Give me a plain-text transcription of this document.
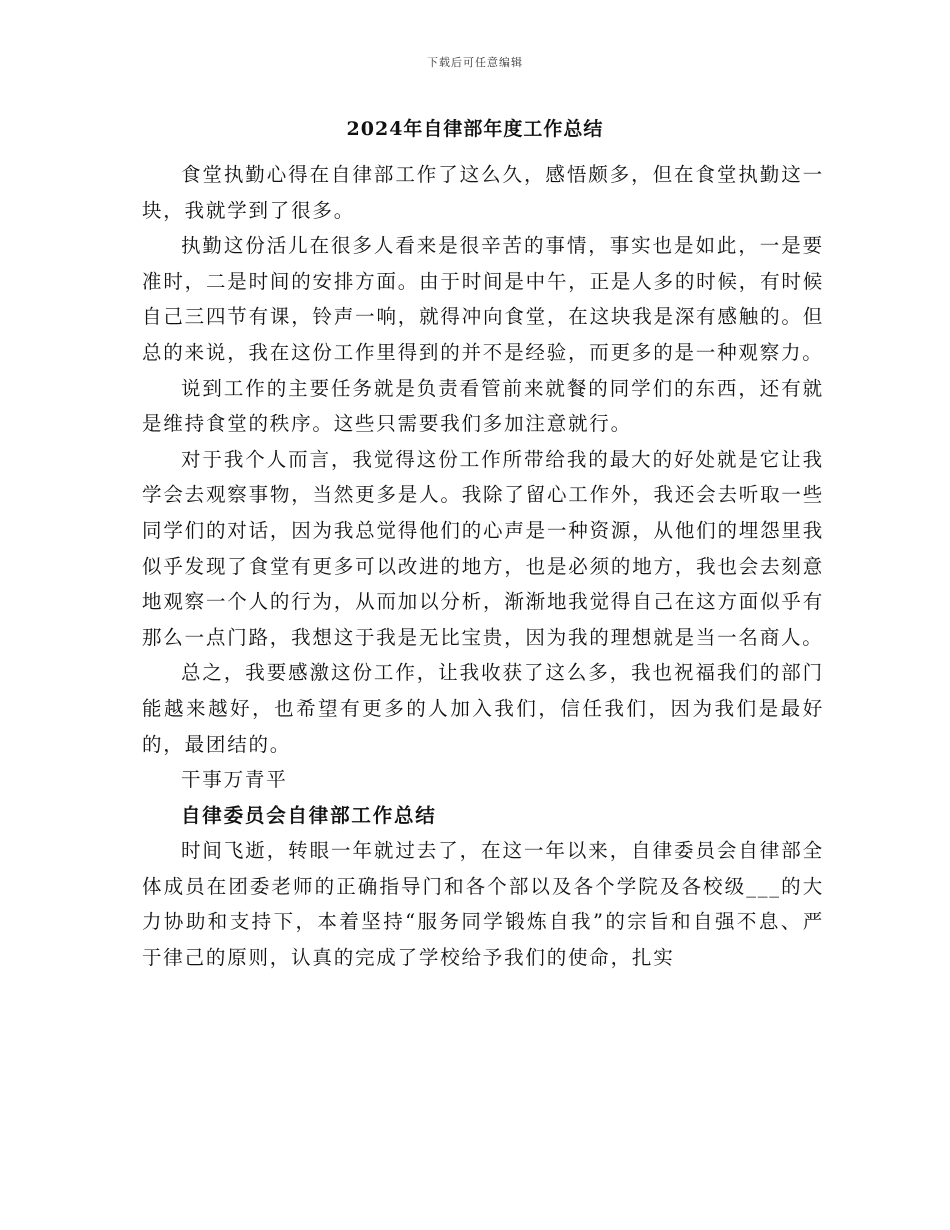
下载后可任意编辑
2024年自律部年度工作总结

食堂执勤心得在自律部工作了这么久，感悟颇多，但在食堂执勤这一块，我就学到了很多。

执勤这份活儿在很多人看来是很辛苦的事情，事实也是如此，一是要准时，二是时间的安排方面。由于时间是中午，正是人多的时候，有时候自己三四节有课，铃声一响，就得冲向食堂，在这块我是深有感触的。但总的来说，我在这份工作里得到的并不是经验，而更多的是一种观察力。

说到工作的主要任务就是负责看管前来就餐的同学们的东西，还有就是维持食堂的秩序。这些只需要我们多加注意就行。

对于我个人而言，我觉得这份工作所带给我的最大的好处就是它让我学会去观察事物，当然更多是人。我除了留心工作外，我还会去听取一些同学们的对话，因为我总觉得他们的心声是一种资源，从他们的埋怨里我似乎发现了食堂有更多可以改进的地方，也是必须的地方，我也会去刻意地观察一个人的行为，从而加以分析，渐渐地我觉得自己在这方面似乎有那么一点门路，我想这于我是无比宝贵，因为我的理想就是当一名商人。

总之，我要感激这份工作，让我收获了这么多，我也祝福我们的部门能越来越好，也希望有更多的人加入我们，信任我们，因为我们是最好的，最团结的。

干事万青平

自律委员会自律部工作总结

时间飞逝，转眼一年就过去了，在这一年以来，自律委员会自律部全体成员在团委老师的正确指导门和各个部以及各个学院及各校级___的大力协助和支持下，本着坚持“服务同学锻炼自我”的宗旨和自强不息、严于律己的原则，认真的完成了学校给予我们的使命，扎实
